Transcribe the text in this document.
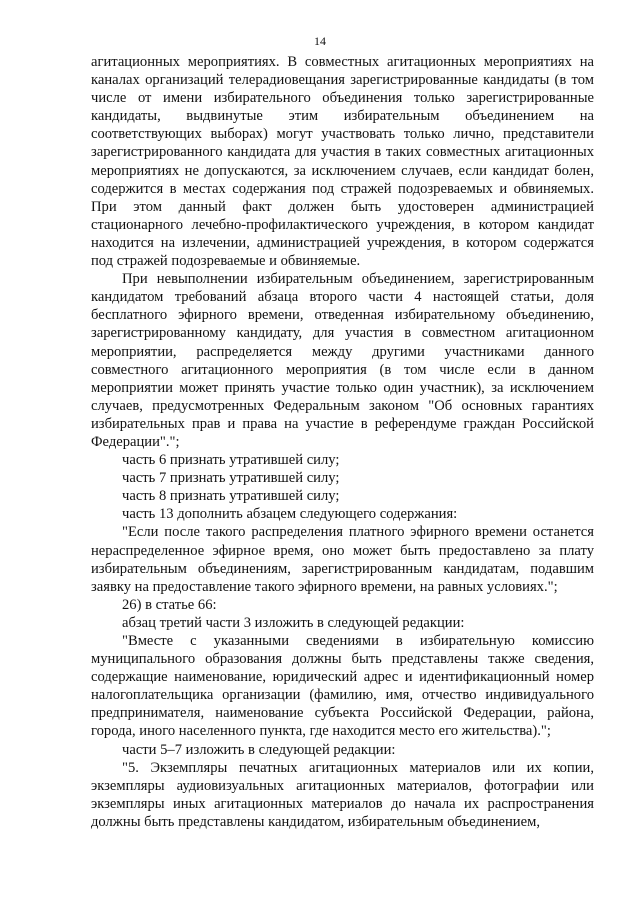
14

агитационных мероприятиях. В совместных агитационных мероприятиях на каналах организаций телерадиовещания зарегистрированные кандидаты (в том числе от имени избирательного объединения только зарегистрированные кандидаты, выдвинутые этим избирательным объединением на соответствующих выборах) могут участвовать только лично, представители зарегистрированного кандидата для участия в таких совместных агитационных мероприятиях не допускаются, за исключением случаев, если кандидат болен, содержится в местах содержания под стражей подозреваемых и обвиняемых. При этом данный факт должен быть удостоверен администрацией стационарного лечебно-профилактического учреждения, в котором кандидат находится на излечении, администрацией учреждения, в котором содержатся под стражей подозреваемые и обвиняемые.

При невыполнении избирательным объединением, зарегистрированным кандидатом требований абзаца второго части 4 настоящей статьи, доля бесплатного эфирного времени, отведенная избирательному объединению, зарегистрированному кандидату, для участия в совместном агитационном мероприятии, распределяется между другими участниками данного совместного агитационного мероприятия (в том числе если в данном мероприятии может принять участие только один участник), за исключением случаев, предусмотренных Федеральным законом "Об основных гарантиях избирательных прав и права на участие в референдуме граждан Российской Федерации".";

часть 6 признать утратившей силу;

часть 7 признать утратившей силу;

часть 8 признать утратившей силу;

часть 13 дополнить абзацем следующего содержания:

"Если после такого распределения платного эфирного времени останется нераспределенное эфирное время, оно может быть предоставлено за плату избирательным объединениям, зарегистрированным кандидатам, подавшим заявку на предоставление такого эфирного времени, на равных условиях.";

26) в статье 66:

абзац третий части 3 изложить в следующей редакции:

"Вместе с указанными сведениями в избирательную комиссию муниципального образования должны быть представлены также сведения, содержащие наименование, юридический адрес и идентификационный номер налогоплательщика организации (фамилию, имя, отчество индивидуального предпринимателя, наименование субъекта Российской Федерации, района, города, иного населенного пункта, где находится место его жительства).";

части 5–7 изложить в следующей редакции:

"5. Экземпляры печатных агитационных материалов или их копии, экземпляры аудиовизуальных агитационных материалов, фотографии или экземпляры иных агитационных материалов до начала их распространения должны быть представлены кандидатом, избирательным объединением,
